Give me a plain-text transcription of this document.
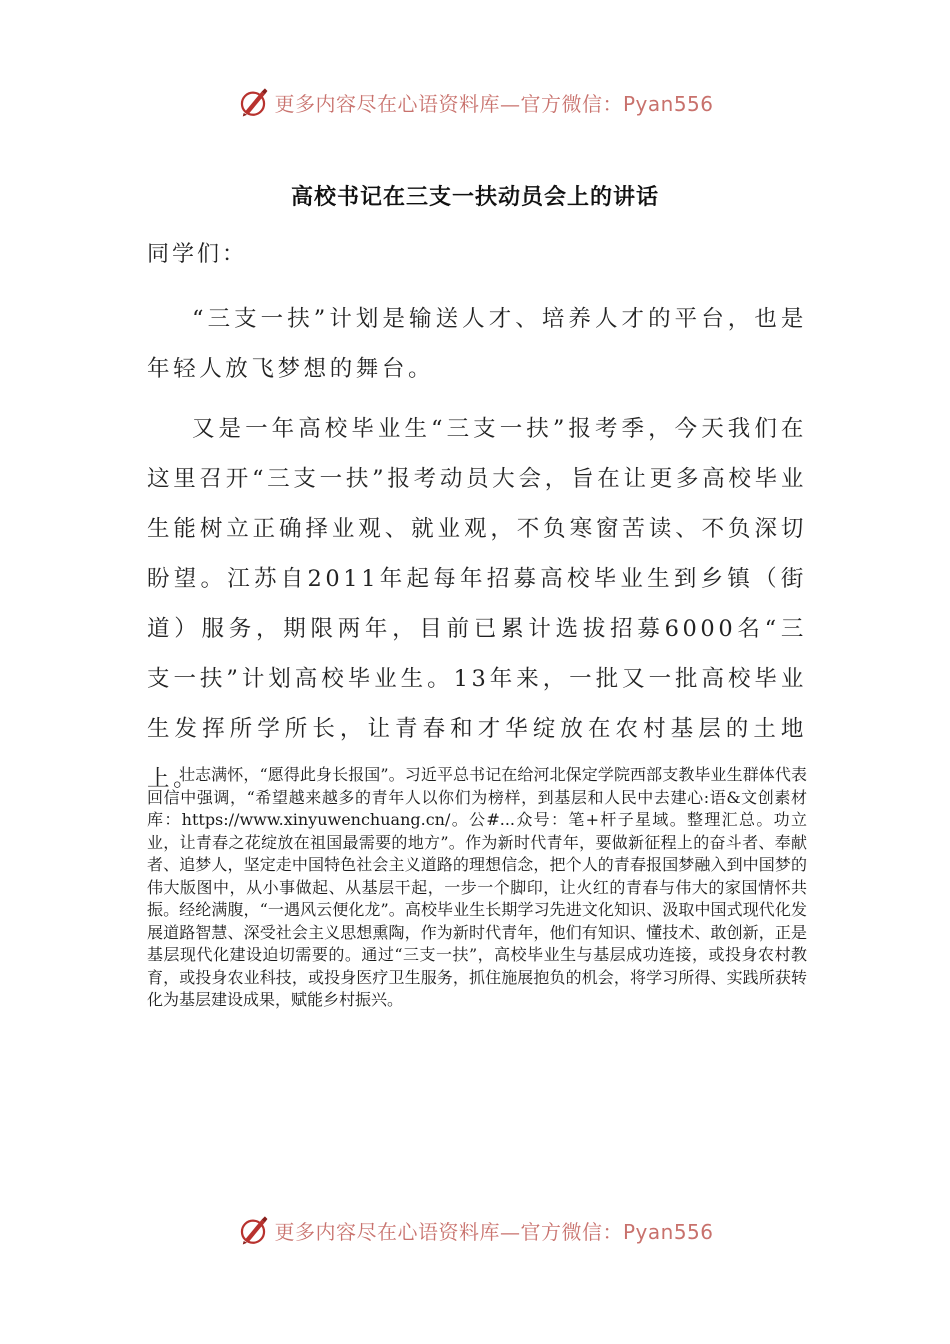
更多内容尽在心语资料库—官方微信：Pyan556
高校书记在三支一扶动员会上的讲话
同学们：

“三支一扶”计划是输送人才、培养人才的平台，也是年轻人放飞梦想的舞台。

又是一年高校毕业生“三支一扶”报考季，今天我们在这里召开“三支一扶”报考动员大会，旨在让更多高校毕业生能树立正确择业观、就业观，不负寒窗苦读、不负深切盼望。江苏自2011年起每年招募高校毕业生到乡镇（街道）服务，期限两年，目前已累计选拔招募6000名“三支一扶”计划高校毕业生。13年来，一批又一批高校毕业生发挥所学所长，让青春和才华绽放在农村基层的土地上。

壮志满怀，“愿得此身长报国”。习近平总书记在给河北保定学院西部支教毕业生群体代表回信中强调，“希望越来越多的青年人以你们为榜样，到基层和人民中去建心:语&文创素材库：https://www.xinyuwenchuang.cn/。公#...众号：笔+杆子星域。整理汇总。功立业，让青春之花绽放在祖国最需要的地方”。作为新时代青年，要做新征程上的奋斗者、奉献者、追梦人，坚定走中国特色社会主义道路的理想信念，把个人的青春报国梦融入到中国梦的伟大版图中，从小事做起、从基层干起，一步一个脚印，让火红的青春与伟大的家国情怀共振。经纶满腹，“一遇风云便化龙”。高校毕业生长期学习先进文化知识、汲取中国式现代化发展道路智慧、深受社会主义思想熏陶，作为新时代青年，他们有知识、懂技术、敢创新，正是基层现代化建设迫切需要的。通过“三支一扶”，高校毕业生与基层成功连接，或投身农村教育，或投身农业科技，或投身医疗卫生服务，抓住施展抱负的机会，将学习所得、实践所获转化为基层建设成果，赋能乡村振兴。

更多内容尽在心语资料库—官方微信：Pyan556
